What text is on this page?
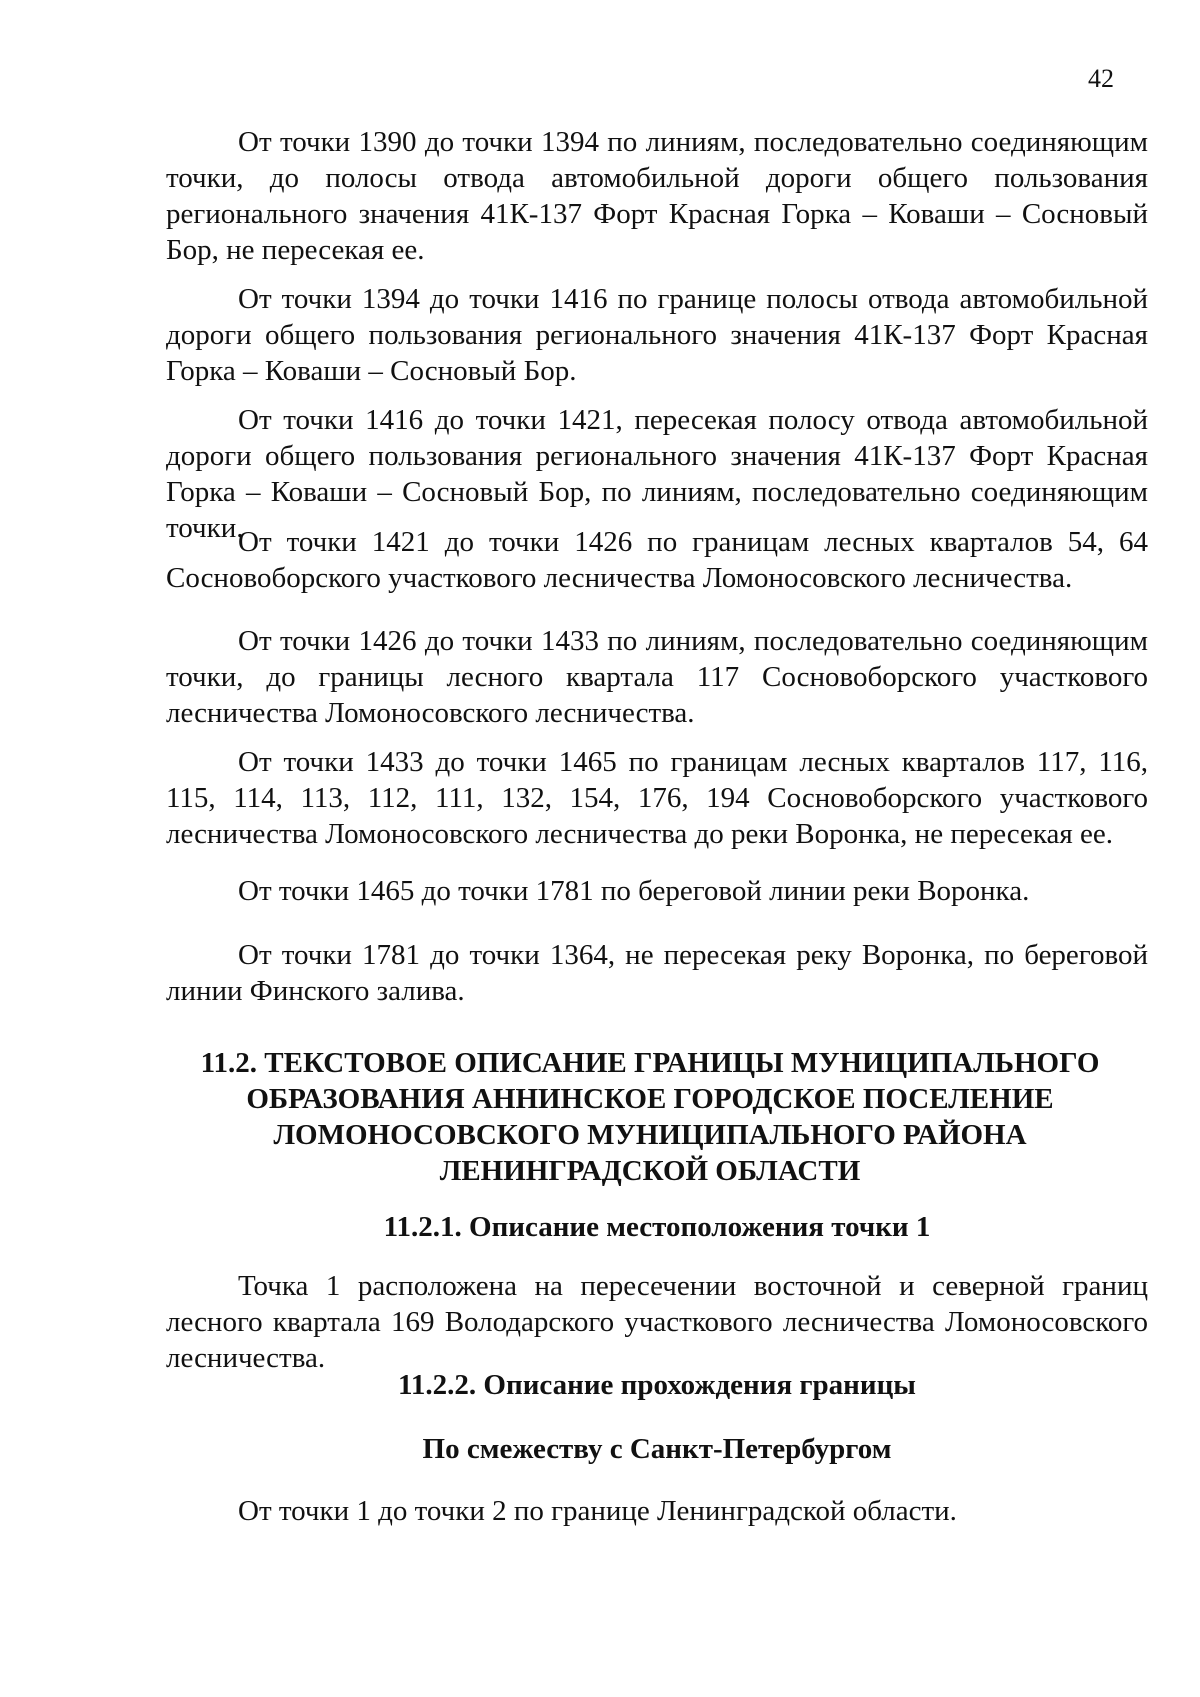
42

От точки 1390 до точки 1394 по линиям, последовательно соединяющим точки, до полосы отвода автомобильной дороги общего пользования регионального значения 41К-137 Форт Красная Горка – Коваши – Сосновый Бор, не пересекая ее.

От точки 1394 до точки 1416 по границе полосы отвода автомобильной дороги общего пользования регионального значения 41К-137 Форт Красная Горка – Коваши – Сосновый Бор.

От точки 1416 до точки 1421, пересекая полосу отвода автомобильной дороги общего пользования регионального значения 41К-137 Форт Красная Горка – Коваши – Сосновый Бор, по линиям, последовательно соединяющим точки.

От точки 1421 до точки 1426 по границам лесных кварталов 54, 64 Сосновоборского участкового лесничества Ломоносовского лесничества.

От точки 1426 до точки 1433 по линиям, последовательно соединяющим точки, до границы лесного квартала 117 Сосновоборского участкового лесничества Ломоносовского лесничества.

От точки 1433 до точки 1465 по границам лесных кварталов 117, 116, 115, 114, 113, 112, 111, 132, 154, 176, 194 Сосновоборского участкового лесничества Ломоносовского лесничества до реки Воронка, не пересекая ее.

От точки 1465 до точки 1781 по береговой линии реки Воронка.

От точки 1781 до точки 1364, не пересекая реку Воронка, по береговой линии Финского залива.

11.2. ТЕКСТОВОЕ ОПИСАНИЕ ГРАНИЦЫ МУНИЦИПАЛЬНОГО ОБРАЗОВАНИЯ АННИНСКОЕ ГОРОДСКОЕ ПОСЕЛЕНИЕ ЛОМОНОСОВСКОГО МУНИЦИПАЛЬНОГО РАЙОНА ЛЕНИНГРАДСКОЙ ОБЛАСТИ
11.2.1. Описание местоположения точки 1

Точка 1 расположена на пересечении восточной и северной границ лесного квартала 169 Володарского участкового лесничества Ломоносовского лесничества.

11.2.2. Описание прохождения границы
По смежеству с Санкт-Петербургом

От точки 1 до точки 2 по границе Ленинградской области.
